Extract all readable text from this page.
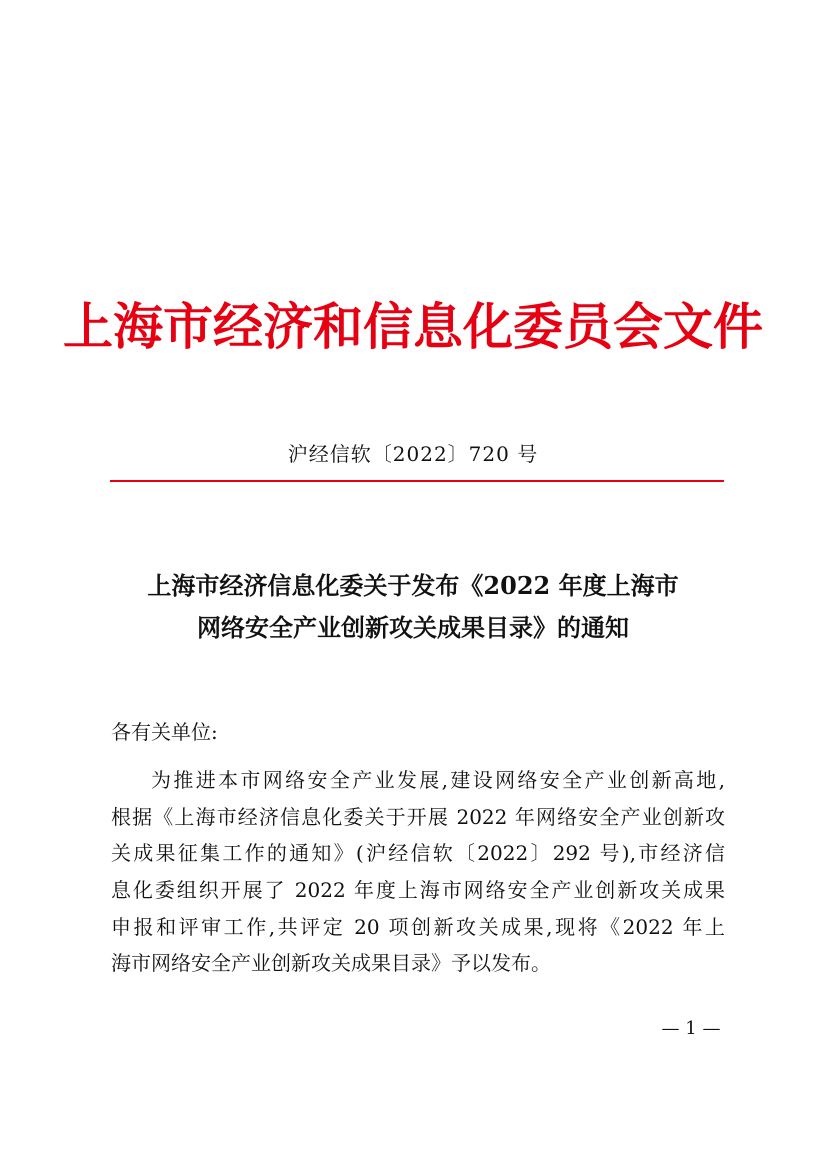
上海市经济和信息化委员会文件
沪经信软〔2022〕720 号
上海市经济信息化委关于发布《2022 年度上海市
网络安全产业创新攻关成果目录》的通知
各有关单位:
为推进本市网络安全产业发展,建设网络安全产业创新高地,
根据《上海市经济信息化委关于开展 2022 年网络安全产业创新攻
关成果征集工作的通知》(沪经信软〔2022〕292 号),市经济信
息化委组织开展了 2022 年度上海市网络安全产业创新攻关成果
申报和评审工作,共评定 20 项创新攻关成果,现将《2022 年上
海市网络安全产业创新攻关成果目录》予以发布。
— 1 —
